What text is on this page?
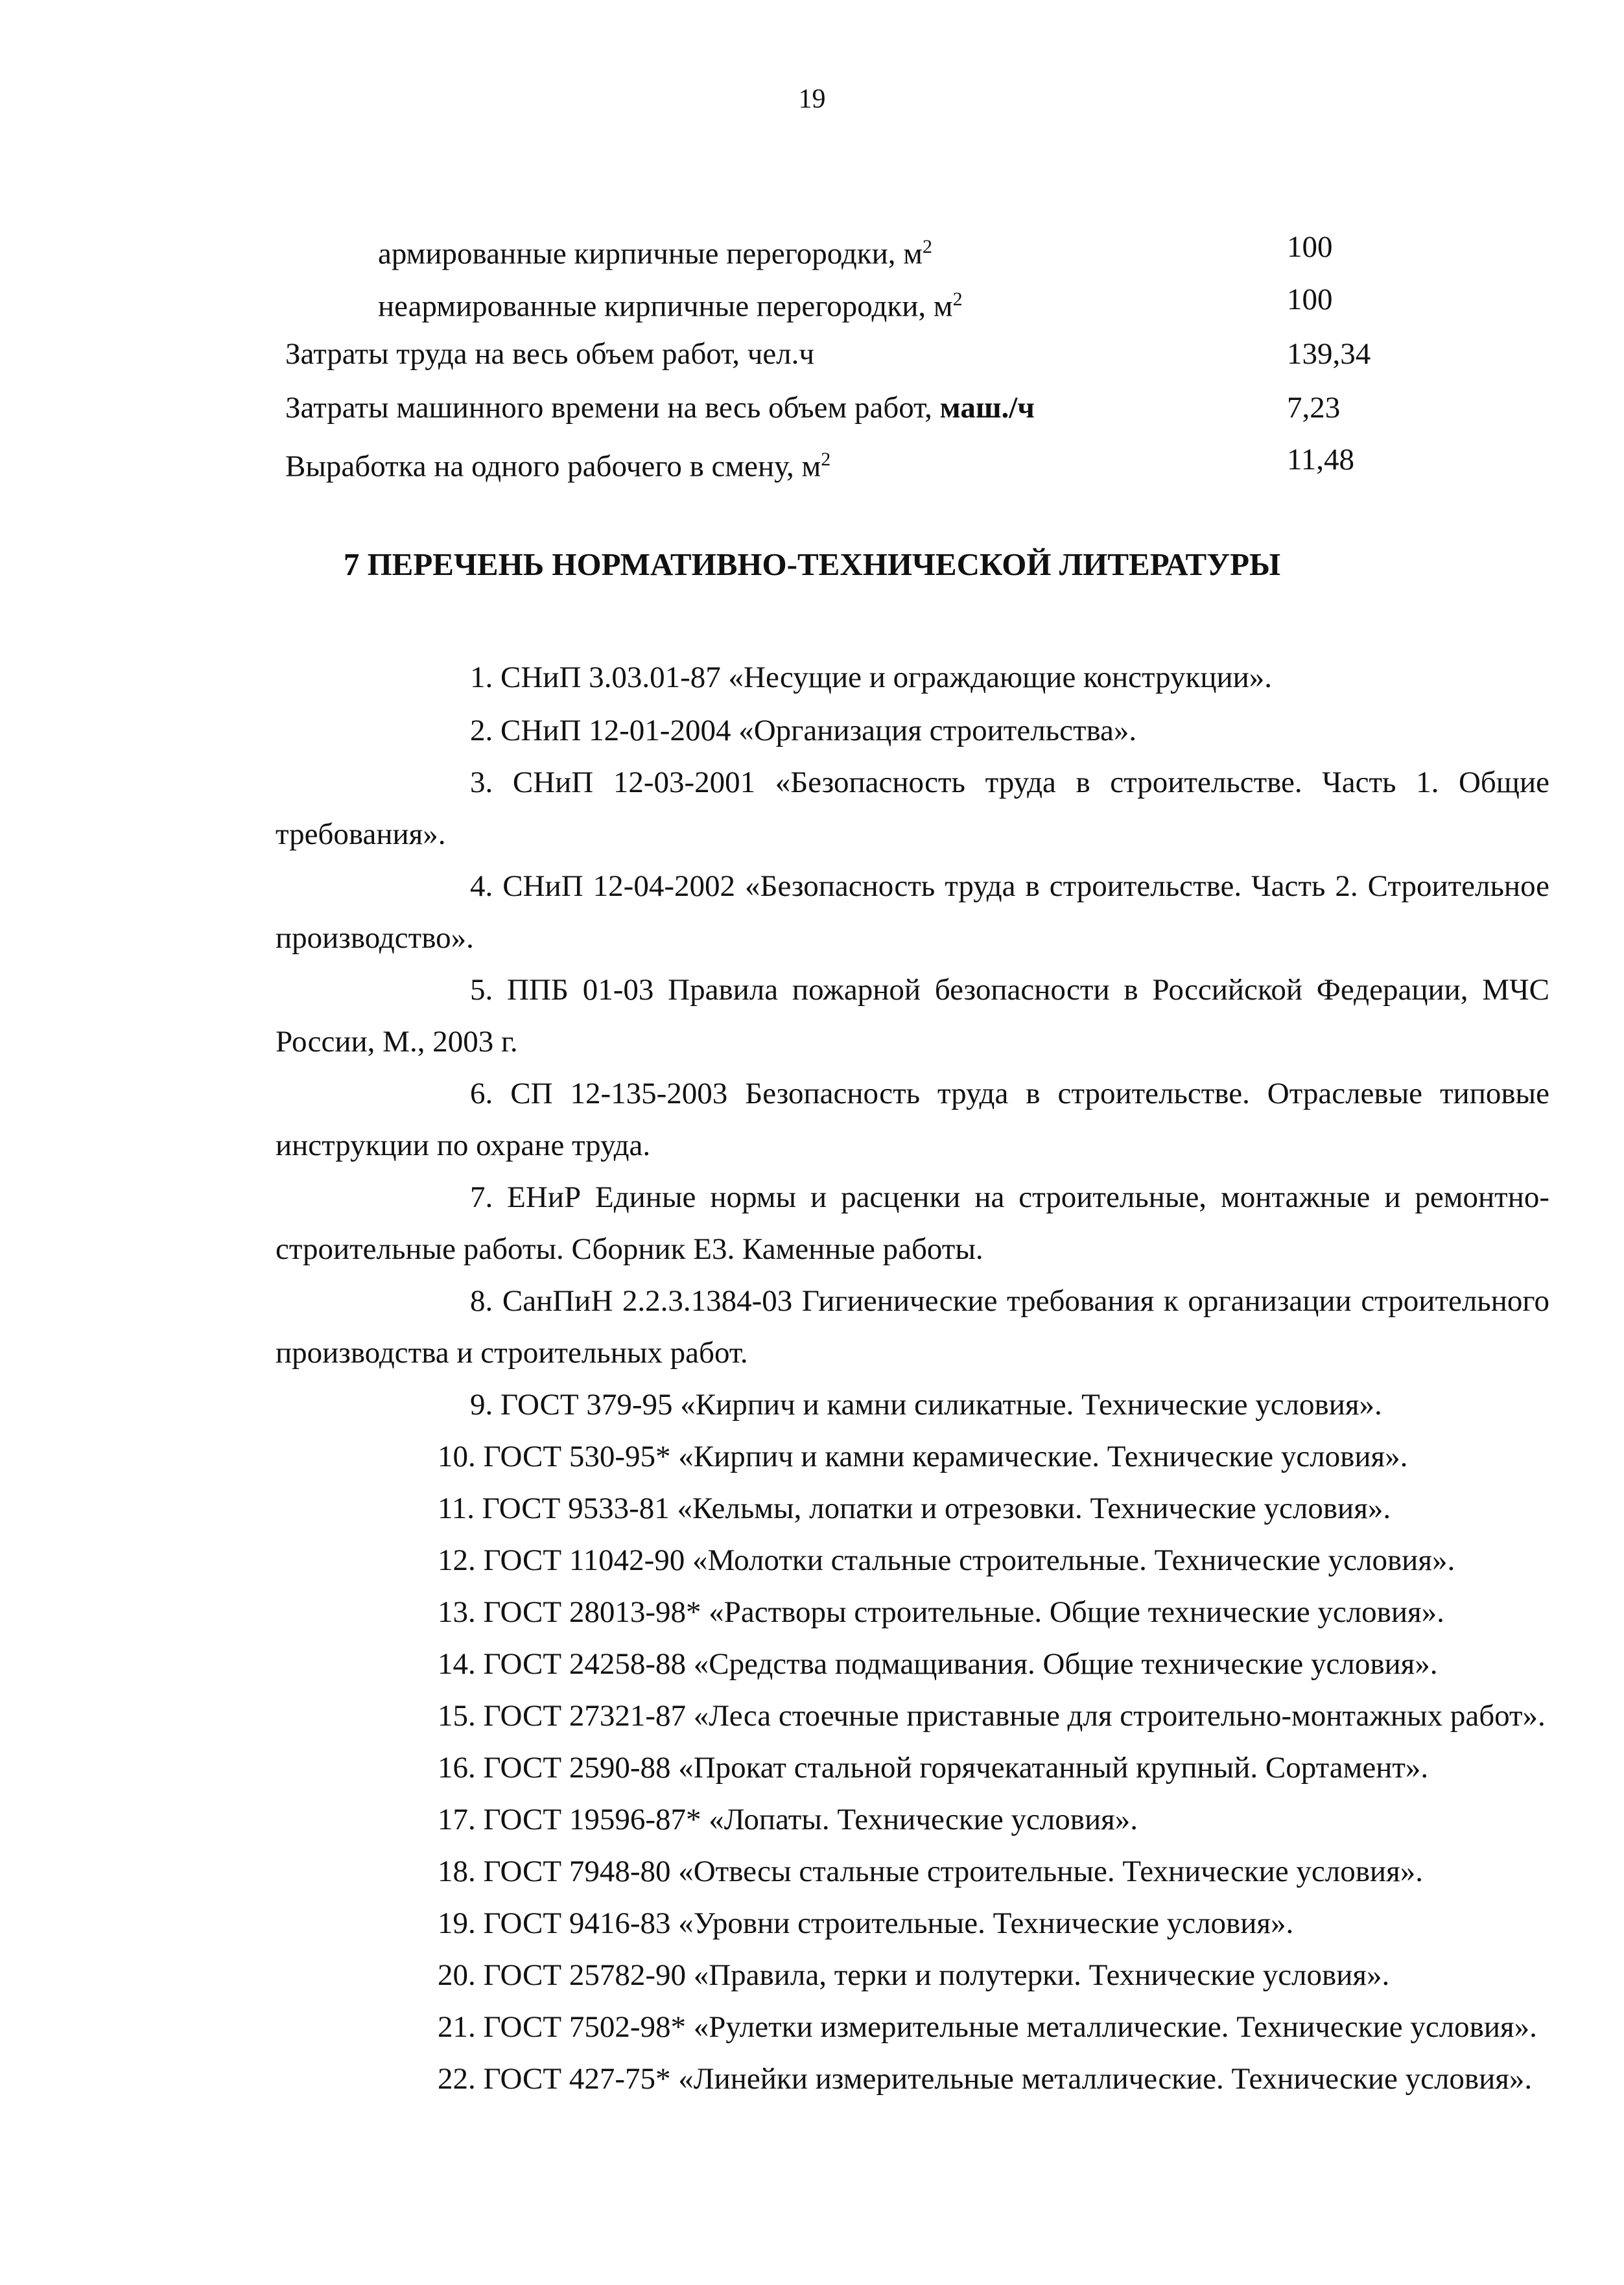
19
армированные кирпичные перегородки, $м^2$	100
неармированные кирпичные перегородки, $м^2$	100
Затраты труда на весь объем работ, чел.ч	139,34
Затраты машинного времени на весь объем работ, маш./ч	7,23
Выработка на одного рабочего в смену, $м^2$	11,48
7 ПЕРЕЧЕНЬ НОРМАТИВНО-ТЕХНИЧЕСКОЙ ЛИТЕРАТУРЫ
1. СНиП 3.03.01-87 «Несущие и ограждающие конструкции».
2. СНиП 12-01-2004 «Организация строительства».
3. СНиП 12-03-2001 «Безопасность труда в строительстве. Часть 1. Общие требования».
4. СНиП 12-04-2002 «Безопасность труда в строительстве. Часть 2. Строительное производство».
5. ППБ 01-03 Правила пожарной безопасности в Российской Федерации, МЧС России, М., 2003 г.
6. СП 12-135-2003 Безопасность труда в строительстве. Отраслевые типовые инструкции по охране труда.
7. ЕНиР Единые нормы и расценки на строительные, монтажные и ремонтно-строительные работы. Сборник Е3. Каменные работы.
8. СанПиН 2.2.3.1384-03 Гигиенические требования к организации строительного производства и строительных работ.
9. ГОСТ 379-95 «Кирпич и камни силикатные. Технические условия».
10. ГОСТ 530-95* «Кирпич и камни керамические. Технические условия».
11. ГОСТ 9533-81 «Кельмы, лопатки и отрезовки. Технические условия».
12. ГОСТ 11042-90 «Молотки стальные строительные. Технические условия».
13. ГОСТ 28013-98* «Растворы строительные. Общие технические условия».
14. ГОСТ 24258-88 «Средства подмащивания. Общие технические условия».
15. ГОСТ 27321-87 «Леса стоечные приставные для строительно-монтажных работ».
16. ГОСТ 2590-88 «Прокат стальной горячекатанный крупный. Сортамент».
17. ГОСТ 19596-87* «Лопаты. Технические условия».
18. ГОСТ 7948-80 «Отвесы стальные строительные. Технические условия».
19. ГОСТ 9416-83 «Уровни строительные. Технические условия».
20. ГОСТ 25782-90 «Правила, терки и полутерки. Технические условия».
21. ГОСТ 7502-98* «Рулетки измерительные металлические. Технические условия».
22. ГОСТ 427-75* «Линейки измерительные металлические. Технические условия».
